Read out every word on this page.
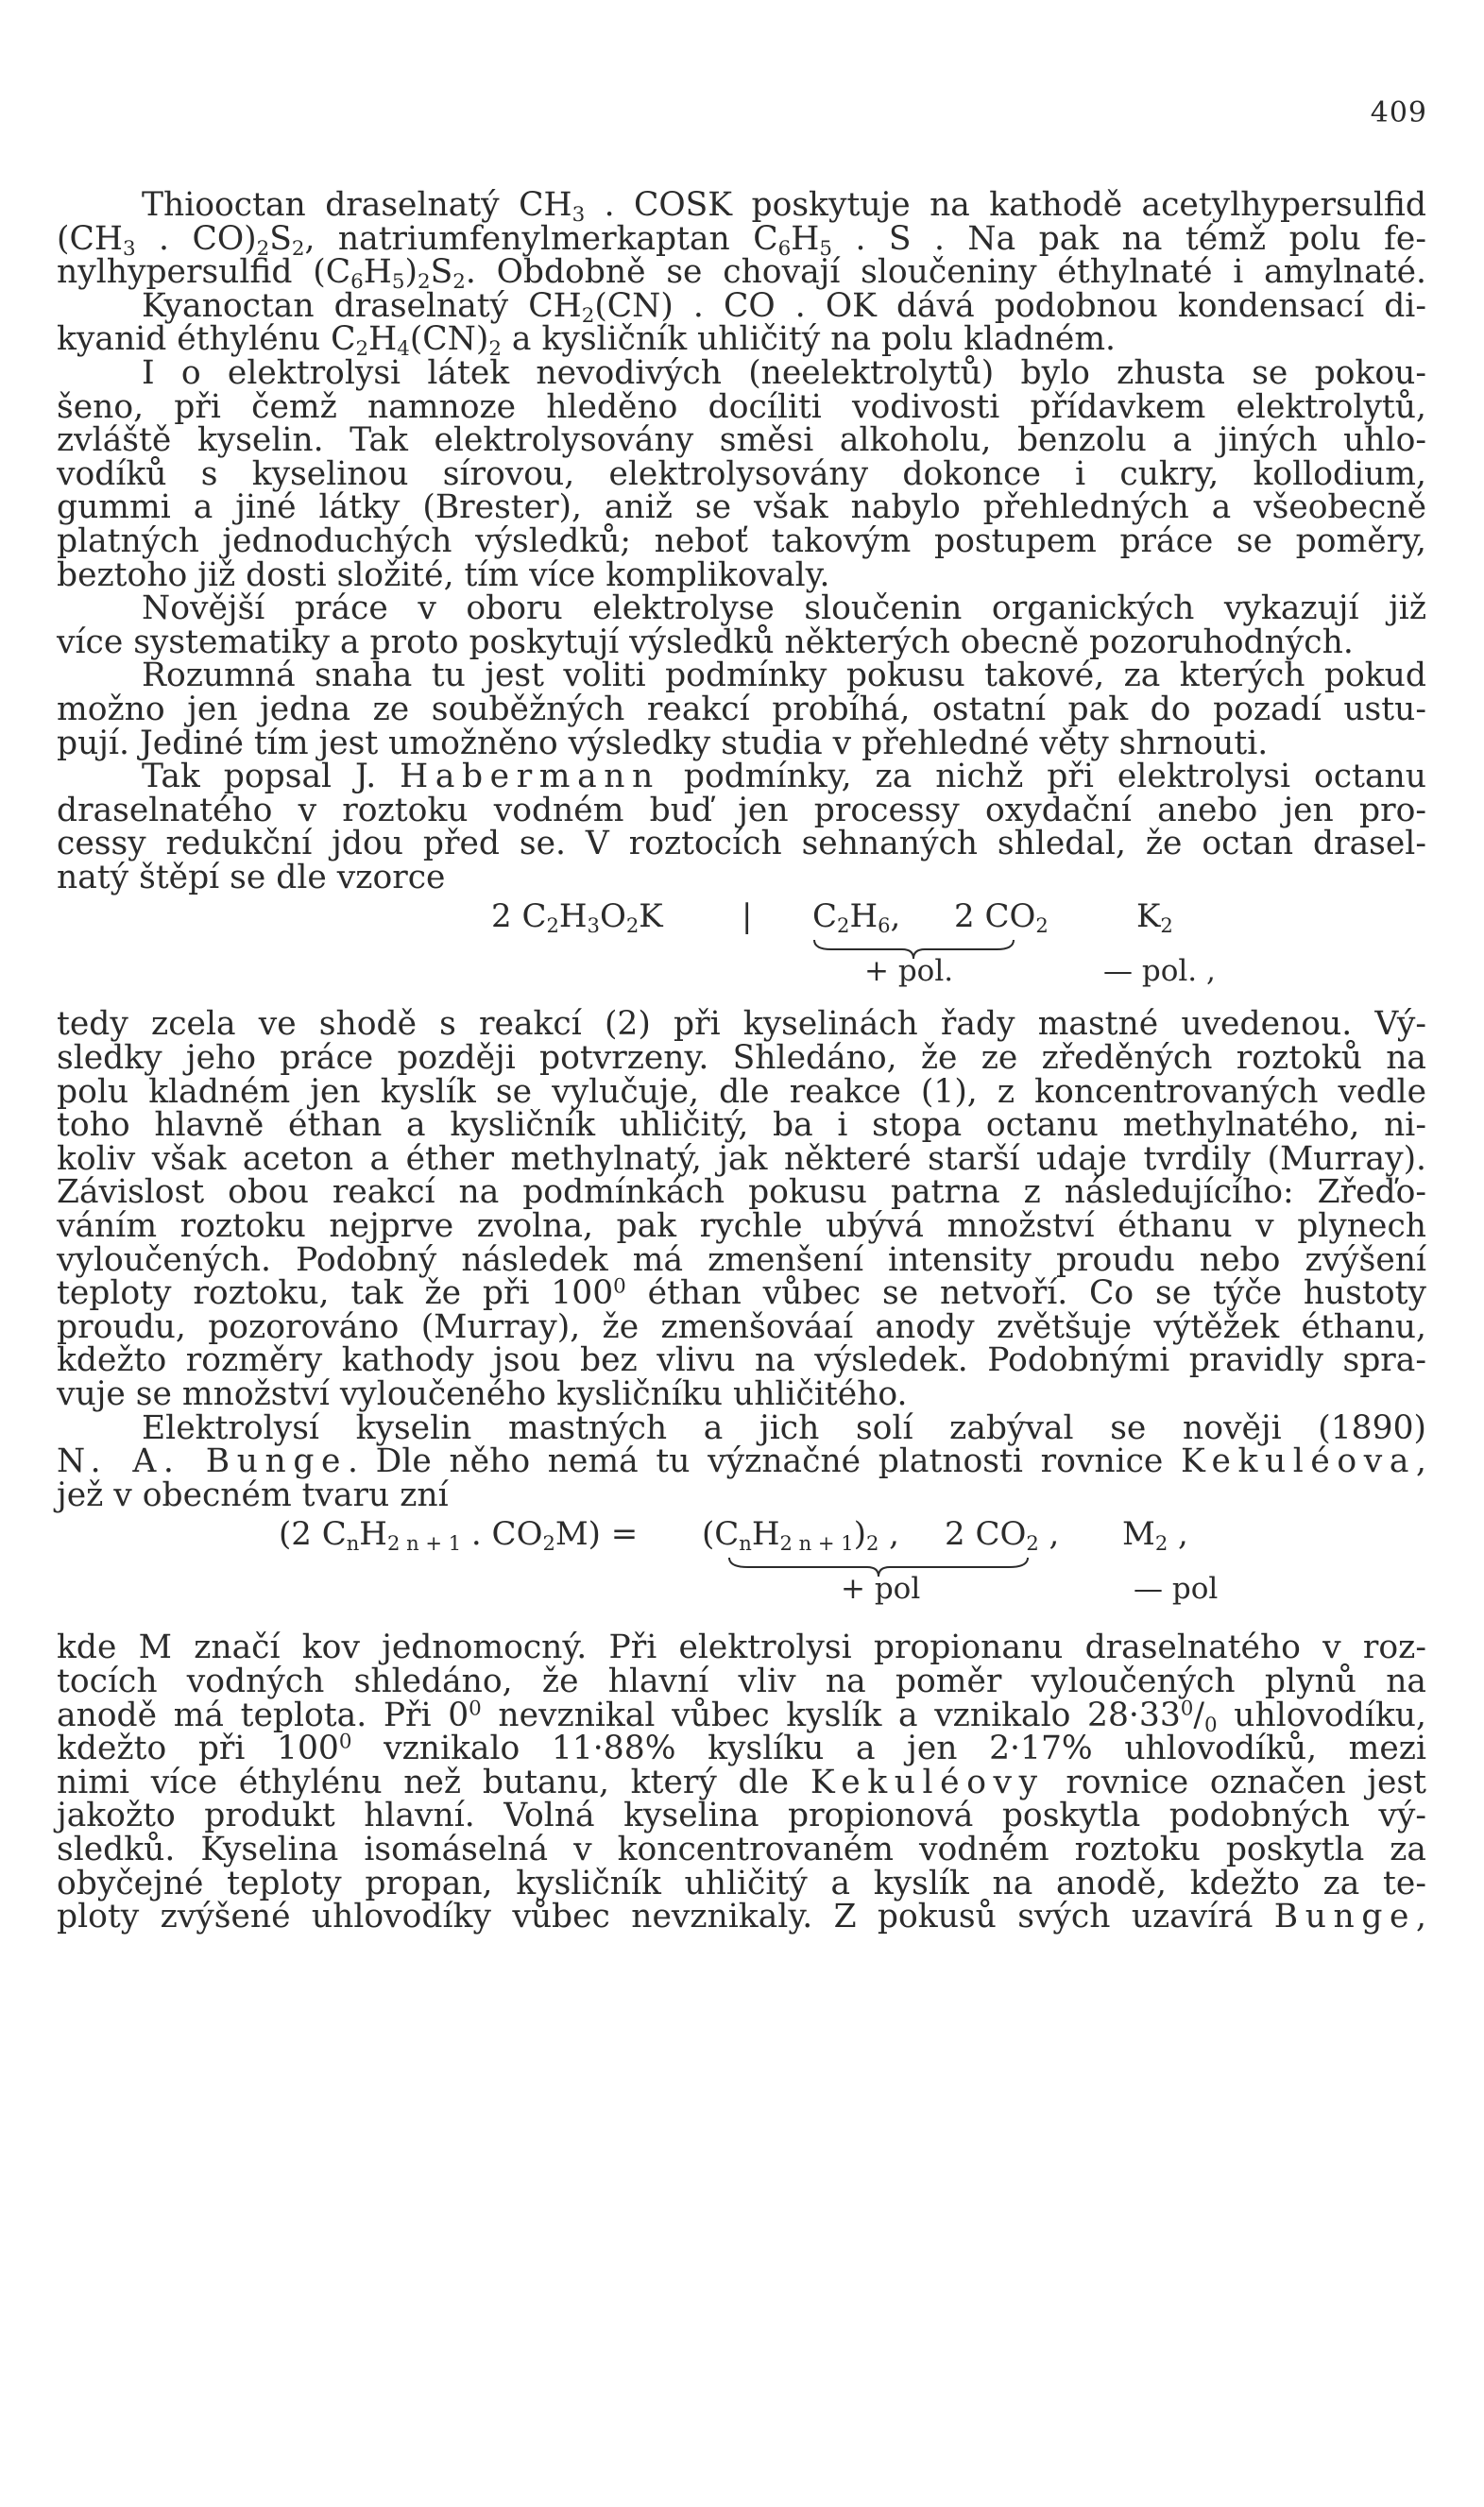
409
Thiooctan draselnatý $CH_3$ . COSK poskytuje na kathodě acetylhypersulfid
($CH_3$ . $CO)_2S_2$, natriumfenylmerkaptan $C_6H_5$ . S . Na pak na témž polu fe-
nylhypersulfid $(C_6H_5)_2S_2$. Obdobně se chovají sloučeniny éthylnaté i amylnaté.
Kyanoctan draselnatý $CH_2(CN)$ . CO . OK dává podobnou kondensací di-
kyanid éthylénu $C_2H_4(CN)_2$ a kysličník uhličitý na polu kladném.
I o elektrolysi látek nevodivých (neelektrolytů) bylo zhusta se pokou-
šeno, při čemž namnoze hleděno docíliti vodivosti přídavkem elektrolytů,
zvláště kyselin. Tak elektrolysovány směsi alkoholu, benzolu a jiných uhlo-
vodíků s kyselinou sírovou, elektrolysovány dokonce i cukry, kollodium,
gummi a jiné látky (Brester), aniž se však nabylo přehledných a všeobecně
platných jednoduchých výsledků; neboť takovým postupem práce se poměry,
beztoho již dosti složité, tím více komplikovaly.
Novější práce v oboru elektrolyse sloučenin organických vykazují již
více systematiky a proto poskytují výsledků některých obecně pozoruhodných.
Rozumná snaha tu jest voliti podmínky pokusu takové, za kterých pokud
možno jen jedna ze souběžných reakcí probíhá, ostatní pak do pozadí ustu-
pují. Jediné tím jest umožněno výsledky studia v přehledné věty shrnouti.
Tak popsal J. Habermann podmínky, za nichž při elektrolysi octanu
draselnatého v roztoku vodném buď jen processy oxydační anebo jen pro-
cessy redukční jdou před se. V roztocích sehnaných shledal, že octan drasel-
natý štěpí se dle vzorce
2 $C_2H_3O_2K$ | $C_2H_6$, 2 $CO_2$	$K_2$
+ pol.	— pol. ,
tedy zcela ve shodě s reakcí (2) při kyselinách řady mastné uvedenou. Vý-
sledky jeho práce později potvrzeny. Shledáno, že ze zředěných roztoků na
polu kladném jen kyslík se vylučuje, dle reakce (1), z koncentrovaných vedle
toho hlavně éthan a kysličník uhličitý, ba i stopa octanu methylnatého, ni-
koliv však aceton a éther methylnatý, jak některé starší udaje tvrdily (Murray).
Závislost obou reakcí na podmínkách pokusu patrna z následujícího: Zřeďo-
váním roztoku nejprve zvolna, pak rychle ubývá množství éthanu v plynech
vyloučených. Podobný následek má zmenšení intensity proudu nebo zvýšení
teploty roztoku, tak že při $100^0$ éthan vůbec se netvoří. Co se týče hustoty
proudu, pozorováno (Murray), že zmenšováaí anody zvětšuje výtěžek éthanu,
kdežto rozměry kathody jsou bez vlivu na výsledek. Podobnými pravidly spra-
vuje se množství vyloučeného kysličníku uhličitého.
Elektrolysí kyselin mastných a jich solí zabýval se nověji (1890)
N. A. Bunge. Dle něho nemá tu význačné platnosti rovnice Kekuléova,
jež v obecném tvaru zní
(2 $C_nH_{2 n + 1}$ . $CO_2M) = (C_nH_{2 n + 1})_2$ , 2 $CO_2$ , $M_2$ ,
+ pol	— pol
kde M značí kov jednomocný. Při elektrolysi propionanu draselnatého v roz-
tocích vodných shledáno, že hlavní vliv na poměr vyloučených plynů na
anodě má teplota. Při $0^0$ nevznikal vůbec kyslík a vznikalo $28\cdot 33^0/_0$ uhlovodíku,
kdežto při $100^0$ vznikalo 11·88% kyslíku a jen 2·17% uhlovodíků, mezi
nimi více éthylénu než butanu, který dle Kekuléovy rovnice označen jest
jakožto produkt hlavní. Volná kyselina propionová poskytla podobných vý-
sledků. Kyselina isomáselná v koncentrovaném vodném roztoku poskytla za
obyčejné teploty propan, kysličník uhličitý a kyslík na anodě, kdežto za te-
ploty zvýšené uhlovodíky vůbec nevznikaly. Z pokusů svých uzavírá Bunge,
